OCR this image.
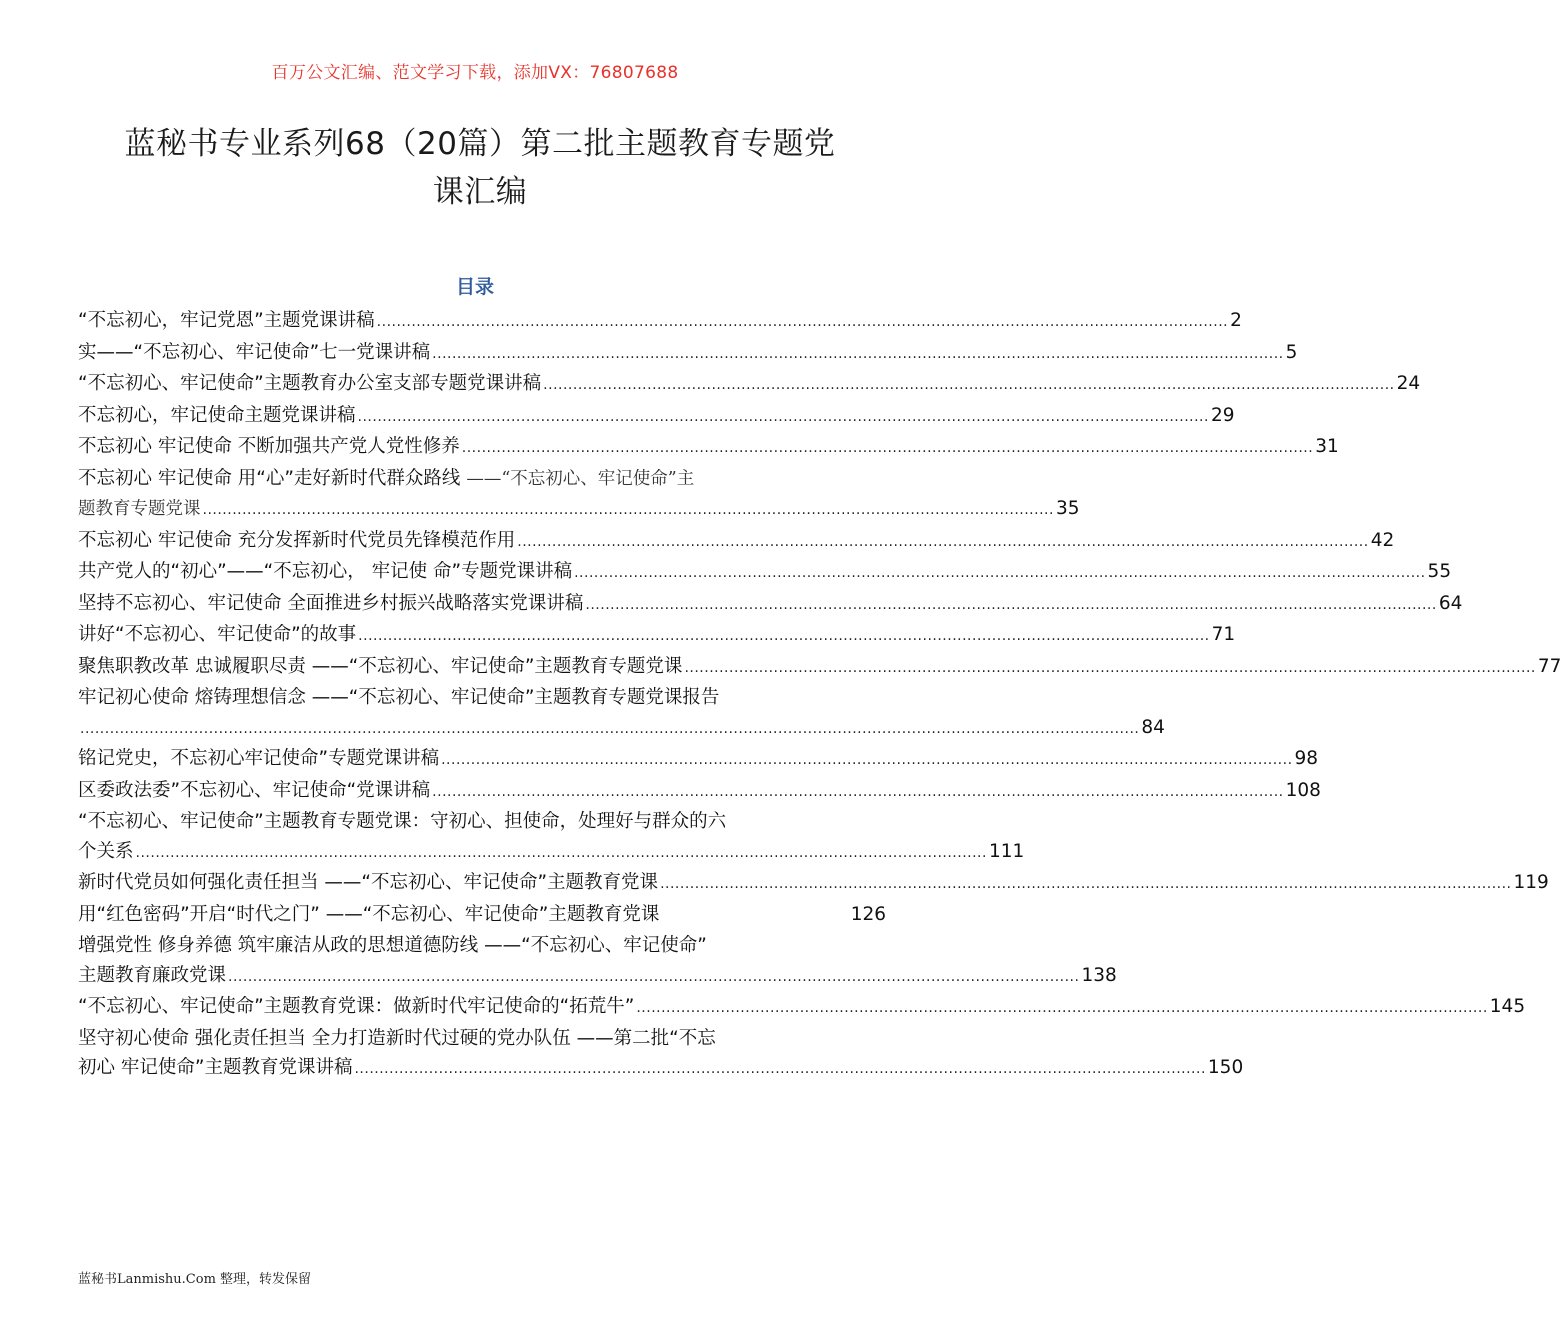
百万公文汇编、范文学习下载，添加VX：76807688
蓝秘书专业系列68（20篇）第二批主题教育专题党
课汇编
目录
“不忘初心，牢记党恩”主题党课讲稿 ............................................................................................................................................................................ 2
实——“不忘初心、牢记使命”七一党课讲稿 ............................................................................................................................................................................ 5
“不忘初心、牢记使命”主题教育办公室支部专题党课讲稿 ............................................................................................................................................................................ 24
不忘初心，牢记使命主题党课讲稿 ............................................................................................................................................................................ 29
不忘初心 牢记使命 不断加强共产党人党性修养 ............................................................................................................................................................................ 31
不忘初心 牢记使命 用“心”走好新时代群众路线 ——“不忘初心、牢记使命”主
题教育专题党课 ............................................................................................................................................................................ 35
不忘初心 牢记使命 充分发挥新时代党员先锋模范作用 ............................................................................................................................................................................ 42
共产党人的“初心”——“不忘初心， 牢记使 命”专题党课讲稿 ............................................................................................................................................................................ 55
坚持不忘初心、牢记使命 全面推进乡村振兴战略落实党课讲稿 ............................................................................................................................................................................ 64
讲好“不忘初心、牢记使命”的故事 ............................................................................................................................................................................ 71
聚焦职教改革 忠诚履职尽责 ——“不忘初心、牢记使命”主题教育专题党课 ............................................................................................................................................................................ 77
牢记初心使命 熔铸理想信念 ——“不忘初心、牢记使命”主题教育专题党课报告
...................................................................................................................................................................................................................... 84
铭记党史，不忘初心牢记使命”专题党课讲稿 ............................................................................................................................................................................ 98
区委政法委”不忘初心、牢记使命“党课讲稿 ............................................................................................................................................................................ 108
“不忘初心、牢记使命”主题教育专题党课：守初心、担使命，处理好与群众的六
个关系 ............................................................................................................................................................................ 111
新时代党员如何强化责任担当 ——“不忘初心、牢记使命”主题教育党课 ............................................................................................................................................................................ 119
用“红色密码”开启“时代之门” ——“不忘初心、牢记使命”主题教育党课
	126
增强党性 修身养德 筑牢廉洁从政的思想道德防线 ——“不忘初心、牢记使命”
主题教育廉政党课 ............................................................................................................................................................................ 138
“不忘初心、牢记使命”主题教育党课：做新时代牢记使命的“拓荒牛” ............................................................................................................................................................................ 145
坚守初心使命 强化责任担当 全力打造新时代过硬的党办队伍 ——第二批“不忘
初心 牢记使命”主题教育党课讲稿 ............................................................................................................................................................................ 150
蓝秘书Lanmishu.Com 整理，转发保留
